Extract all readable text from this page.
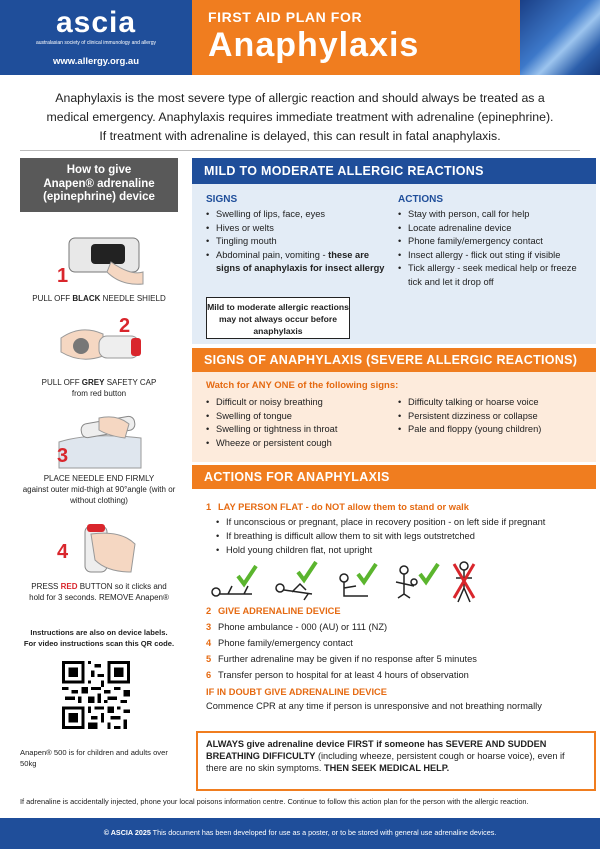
ascia
australasian society of clinical immunology and allergy
www.allergy.org.au
FIRST AID PLAN FOR
Anaphylaxis
Anaphylaxis is the most severe type of allergic reaction and should always be treated as a
medical emergency. Anaphylaxis requires immediate treatment with adrenaline (epinephrine).
If treatment with adrenaline is delayed, this can result in fatal anaphylaxis.
How to give
Anapen® adrenaline
(epinephrine) device
1
PULL OFF BLACK NEEDLE SHIELD
2
PULL OFF GREY SAFETY CAP
from red button
3
PLACE NEEDLE END FIRMLY
against outer mid-thigh at 90°angle (with or without clothing)
4
PRESS RED BUTTON so it clicks and
hold for 3 seconds. REMOVE Anapen®
Instructions are also on device labels.
For video instructions scan this QR code.
Anapen® 500 is for children and adults over 50kg
MILD TO MODERATE ALLERGIC REACTIONS
SIGNS
• Swelling of lips, face, eyes
• Hives or welts
• Tingling mouth
• Abdominal pain, vomiting - these are signs of anaphylaxis for insect allergy
ACTIONS
• Stay with person, call for help
• Locate adrenaline device
• Phone family/emergency contact
• Insect allergy - flick out sting if visible
• Tick allergy - seek medical help or freeze tick and let it drop off
Mild to moderate allergic reactions may not always occur before anaphylaxis
SIGNS OF ANAPHYLAXIS (SEVERE ALLERGIC REACTIONS)
Watch for ANY ONE of the following signs:
• Difficult or noisy breathing
• Swelling of tongue
• Swelling or tightness in throat
• Wheeze or persistent cough
• Difficulty talking or hoarse voice
• Persistent dizziness or collapse
• Pale and floppy (young children)
ACTIONS FOR ANAPHYLAXIS
1 LAY PERSON FLAT - do NOT allow them to stand or walk
• If unconscious or pregnant, place in recovery position - on left side if pregnant
• If breathing is difficult allow them to sit with legs outstretched
• Hold young children flat, not upright
2 GIVE ADRENALINE DEVICE
3 Phone ambulance - 000 (AU) or 111 (NZ)
4 Phone family/emergency contact
5 Further adrenaline may be given if no response after 5 minutes
6 Transfer person to hospital for at least 4 hours of observation
IF IN DOUBT GIVE ADRENALINE DEVICE
Commence CPR at any time if person is unresponsive and not breathing normally
ALWAYS give adrenaline device FIRST if someone has SEVERE AND SUDDEN BREATHING DIFFICULTY (including wheeze, persistent cough or hoarse voice), even if there are no skin symptoms. THEN SEEK MEDICAL HELP.
If adrenaline is accidentally injected, phone your local poisons information centre. Continue to follow this action plan for the person with the allergic reaction.
© ASCIA 2025 This document has been developed for use as a poster, or to be stored with general use adrenaline devices.
